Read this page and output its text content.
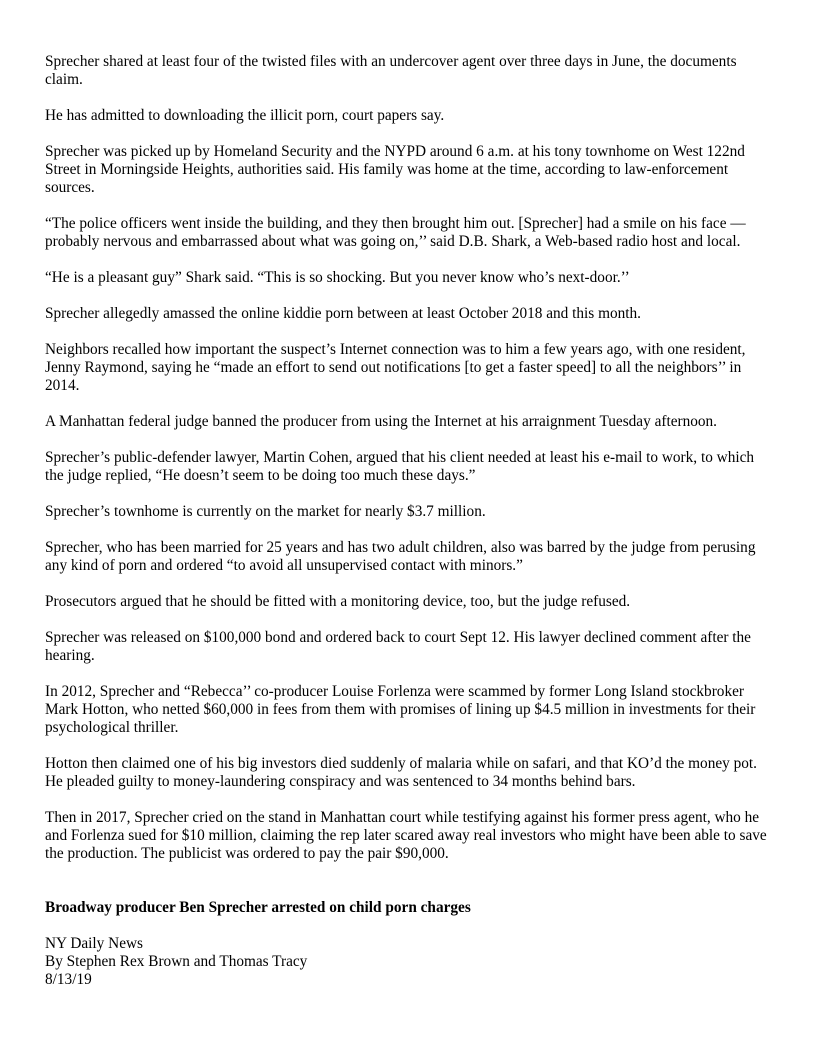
Sprecher shared at least four of the twisted files with an undercover agent over three days in June, the documents claim.

He has admitted to downloading the illicit porn, court papers say.

Sprecher was picked up by Homeland Security and the NYPD around 6 a.m. at his tony townhome on West 122nd Street in Morningside Heights, authorities said. His family was home at the time, according to law-enforcement sources.

“The police officers went inside the building, and they then brought him out. [Sprecher] had a smile on his face — probably nervous and embarrassed about what was going on,’’ said D.B. Shark, a Web-based radio host and local.

“He is a pleasant guy” Shark said. “This is so shocking. But you never know who’s next-door.’’

Sprecher allegedly amassed the online kiddie porn between at least October 2018 and this month.

Neighbors recalled how important the suspect’s Internet connection was to him a few years ago, with one resident, Jenny Raymond, saying he “made an effort to send out notifications [to get a faster speed] to all the neighbors’’ in 2014.

A Manhattan federal judge banned the producer from using the Internet at his arraignment Tuesday afternoon.

Sprecher’s public-defender lawyer, Martin Cohen, argued that his client needed at least his e-mail to work, to which the judge replied, “He doesn’t seem to be doing too much these days.”

Sprecher’s townhome is currently on the market for nearly $3.7 million.

Sprecher, who has been married for 25 years and has two adult children, also was barred by the judge from perusing any kind of porn and ordered “to avoid all unsupervised contact with minors.”

Prosecutors argued that he should be fitted with a monitoring device, too, but the judge refused.

Sprecher was released on $100,000 bond and ordered back to court Sept 12. His lawyer declined comment after the hearing.

In 2012, Sprecher and “Rebecca’’ co-producer Louise Forlenza were scammed by former Long Island stockbroker Mark Hotton, who netted $60,000 in fees from them with promises of lining up $4.5 million in investments for their psychological thriller.

Hotton then claimed one of his big investors died suddenly of malaria while on safari, and that KO’d the money pot. He pleaded guilty to money-laundering conspiracy and was sentenced to 34 months behind bars.

Then in 2017, Sprecher cried on the stand in Manhattan court while testifying against his former press agent, who he and Forlenza sued for $10 million, claiming the rep later scared away real investors who might have been able to save the production. The publicist was ordered to pay the pair $90,000.

Broadway producer Ben Sprecher arrested on child porn charges

NY Daily News
By Stephen Rex Brown and Thomas Tracy
8/13/19
